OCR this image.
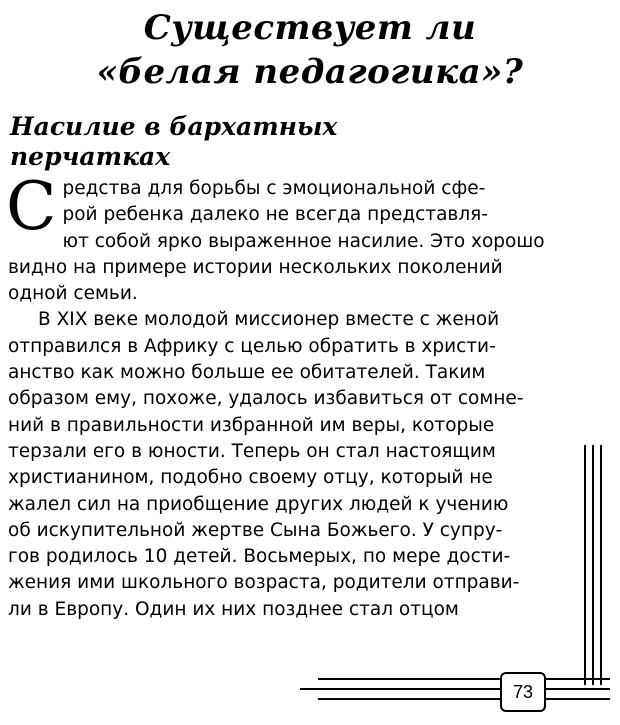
Существует ли
«белая педагогика»?
Насилие в бархатных
перчатках

С редства для борьбы с эмоциональной сфе-
рой ребенка далеко не всегда представля-
ют собой ярко выраженное насилие. Это хорошо
видно на примере истории нескольких поколений
одной семьи.

В XIX веке молодой миссионер вместе с женой
отправился в Африку с целью обратить в христи-
анство как можно больше ее обитателей. Таким
образом ему, похоже, удалось избавиться от сомне-
ний в правильности избранной им веры, которые
терзали его в юности. Теперь он стал настоящим
христианином, подобно своему отцу, который не
жалел сил на приобщение других людей к учению
об искупительной жертве Сына Божьего. У супру-
гов родилось 10 детей. Восьмерых, по мере дости-
жения ими школьного возраста, родители отправи-
ли в Европу. Один их них позднее стал отцом

73
